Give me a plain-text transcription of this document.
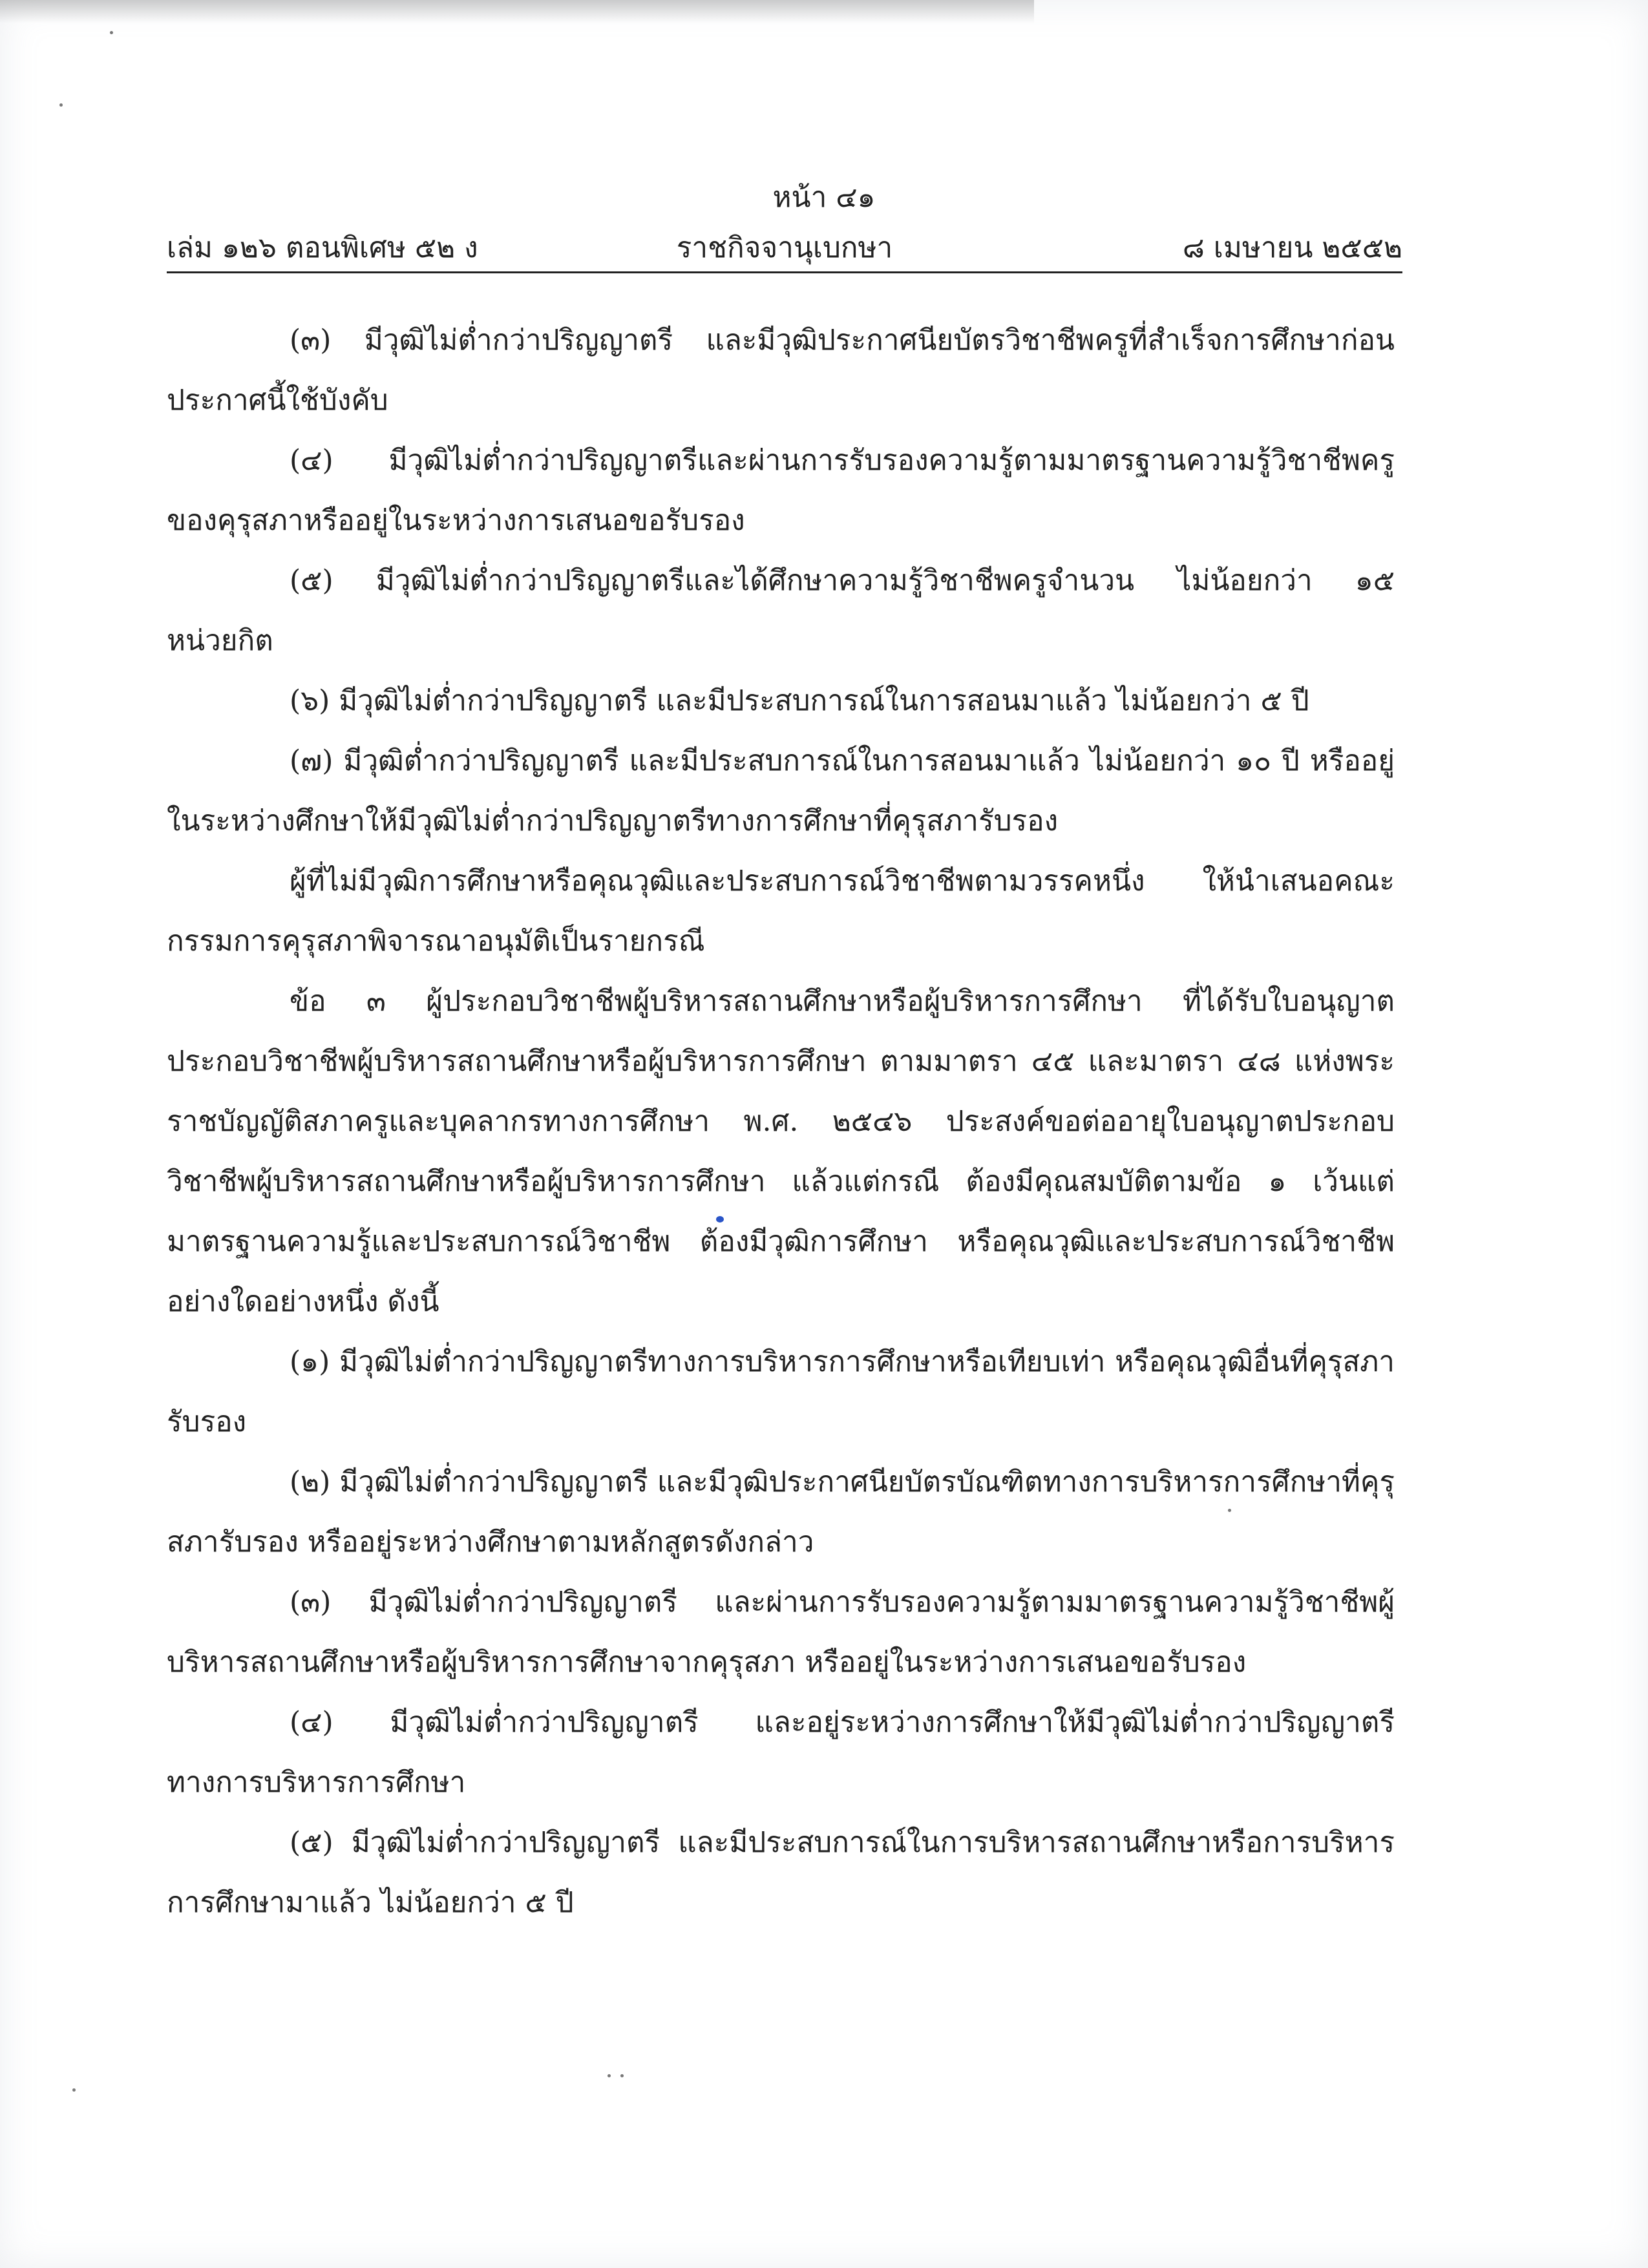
หน้า ๔๑
เล่ม ๑๒๖ ตอนพิเศษ ๕๒ ง	ราชกิจจานุเบกษา	๘ เมษายน ๒๕๕๒

(๓) มีวุฒิไม่ต่ำกว่าปริญญาตรี และมีวุฒิประกาศนียบัตรวิชาชีพครูที่สำเร็จการศึกษาก่อนประกาศนี้ใช้บังคับ

(๔) มีวุฒิไม่ต่ำกว่าปริญญาตรีและผ่านการรับรองความรู้ตามมาตรฐานความรู้วิชาชีพครูของคุรุสภาหรืออยู่ในระหว่างการเสนอขอรับรอง

(๕) มีวุฒิไม่ต่ำกว่าปริญญาตรีและได้ศึกษาความรู้วิชาชีพครูจำนวน ไม่น้อยกว่า ๑๕ หน่วยกิต

(๖) มีวุฒิไม่ต่ำกว่าปริญญาตรี และมีประสบการณ์ในการสอนมาแล้ว ไม่น้อยกว่า ๕ ปี

(๗) มีวุฒิต่ำกว่าปริญญาตรี และมีประสบการณ์ในการสอนมาแล้ว ไม่น้อยกว่า ๑๐ ปี หรืออยู่ในระหว่างศึกษาให้มีวุฒิไม่ต่ำกว่าปริญญาตรีทางการศึกษาที่คุรุสภารับรอง

ผู้ที่ไม่มีวุฒิการศึกษาหรือคุณวุฒิและประสบการณ์วิชาชีพตามวรรคหนึ่ง ให้นำเสนอคณะกรรมการคุรุสภาพิจารณาอนุมัติเป็นรายกรณี

ข้อ ๓ ผู้ประกอบวิชาชีพผู้บริหารสถานศึกษาหรือผู้บริหารการศึกษา ที่ได้รับใบอนุญาตประกอบวิชาชีพผู้บริหารสถานศึกษาหรือผู้บริหารการศึกษา ตามมาตรา ๔๕ และมาตรา ๔๘ แห่งพระราชบัญญัติสภาครูและบุคลากรทางการศึกษา พ.ศ. ๒๕๔๖ ประสงค์ขอต่ออายุใบอนุญาตประกอบวิชาชีพผู้บริหารสถานศึกษาหรือผู้บริหารการศึกษา แล้วแต่กรณี ต้องมีคุณสมบัติตามข้อ ๑ เว้นแต่มาตรฐานความรู้และประสบการณ์วิชาชีพ ต้องมีวุฒิการศึกษา หรือคุณวุฒิและประสบการณ์วิชาชีพ อย่างใดอย่างหนึ่ง ดังนี้

(๑) มีวุฒิไม่ต่ำกว่าปริญญาตรีทางการบริหารการศึกษาหรือเทียบเท่า หรือคุณวุฒิอื่นที่คุรุสภารับรอง

(๒) มีวุฒิไม่ต่ำกว่าปริญญาตรี และมีวุฒิประกาศนียบัตรบัณฑิตทางการบริหารการศึกษาที่คุรุสภารับรอง หรืออยู่ระหว่างศึกษาตามหลักสูตรดังกล่าว

(๓) มีวุฒิไม่ต่ำกว่าปริญญาตรี และผ่านการรับรองความรู้ตามมาตรฐานความรู้วิชาชีพผู้บริหารสถานศึกษาหรือผู้บริหารการศึกษาจากคุรุสภา หรืออยู่ในระหว่างการเสนอขอรับรอง

(๔) มีวุฒิไม่ต่ำกว่าปริญญาตรี และอยู่ระหว่างการศึกษาให้มีวุฒิไม่ต่ำกว่าปริญญาตรีทางการบริหารการศึกษา

(๕) มีวุฒิไม่ต่ำกว่าปริญญาตรี และมีประสบการณ์ในการบริหารสถานศึกษาหรือการบริหารการศึกษามาแล้ว ไม่น้อยกว่า ๕ ปี
